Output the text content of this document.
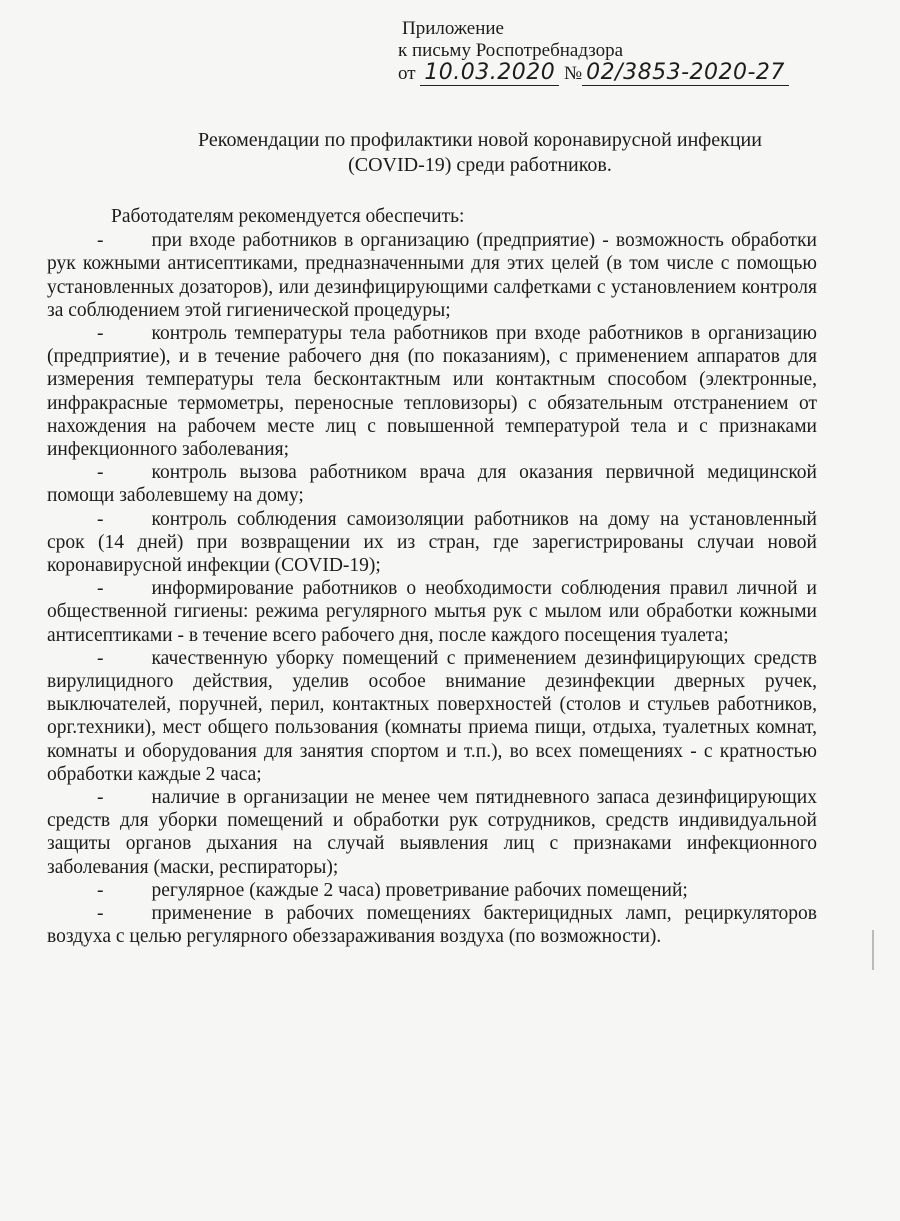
Приложение
к письму Роспотребнадзора
от 10.03.2020 № 02/3853-2020-27
Рекомендации по профилактики новой коронавирусной инфекции
(COVID-19) среди работников.

Работодателям рекомендуется обеспечить:

- при входе работников в организацию (предприятие) - возможность обработки рук кожными антисептиками, предназначенными для этих целей (в том числе с помощью установленных дозаторов), или дезинфицирующими салфетками с установлением контроля за соблюдением этой гигиенической процедуры;

- контроль температуры тела работников при входе работников в организацию (предприятие), и в течение рабочего дня (по показаниям), с применением аппаратов для измерения температуры тела бесконтактным или контактным способом (электронные, инфракрасные термометры, переносные тепловизоры) с обязательным отстранением от нахождения на рабочем месте лиц с повышенной температурой тела и с признаками инфекционного заболевания;

- контроль вызова работником врача для оказания первичной медицинской помощи заболевшему на дому;

- контроль соблюдения самоизоляции работников на дому на установленный срок (14 дней) при возвращении их из стран, где зарегистрированы случаи новой коронавирусной инфекции (COVID-19);

- информирование работников о необходимости соблюдения правил личной и общественной гигиены: режима регулярного мытья рук с мылом или обработки кожными антисептиками - в течение всего рабочего дня, после каждого посещения туалета;

- качественную уборку помещений с применением дезинфицирующих средств вирулицидного действия, уделив особое внимание дезинфекции дверных ручек, выключателей, поручней, перил, контактных поверхностей (столов и стульев работников, орг.техники), мест общего пользования (комнаты приема пищи, отдыха, туалетных комнат, комнаты и оборудования для занятия спортом и т.п.), во всех помещениях - с кратностью обработки каждые 2 часа;

- наличие в организации не менее чем пятидневного запаса дезинфицирующих средств для уборки помещений и обработки рук сотрудников, средств индивидуальной защиты органов дыхания на случай выявления лиц с признаками инфекционного заболевания (маски, респираторы);

- регулярное (каждые 2 часа) проветривание рабочих помещений;

- применение в рабочих помещениях бактерицидных ламп, рециркуляторов воздуха с целью регулярного обеззараживания воздуха (по возможности).
